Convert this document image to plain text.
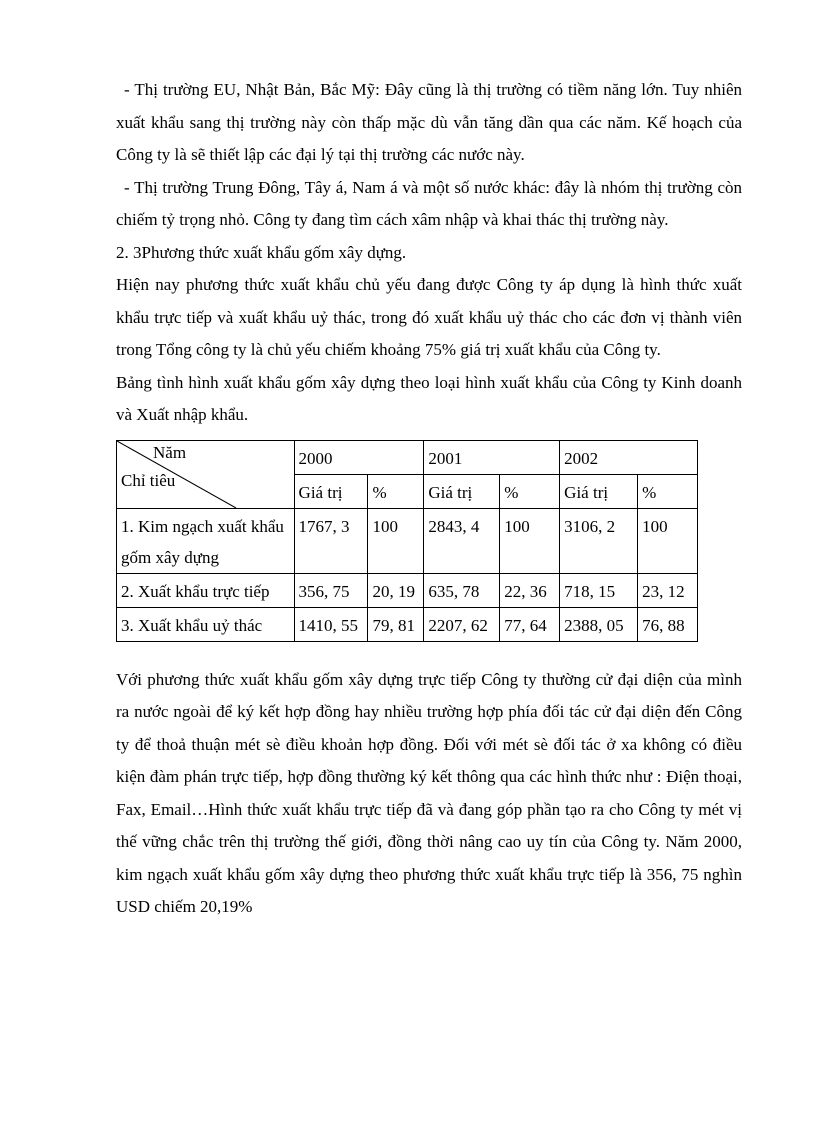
- Thị trường EU, Nhật Bản, Bắc Mỹ: Đây cũng là thị trường có tiềm năng lớn. Tuy nhiên xuất khẩu sang thị trường này còn thấp mặc dù vẫn tăng dần qua các năm. Kế hoạch của Công ty là sẽ thiết lập các đại lý tại thị trường các nước này.

- Thị trường Trung Đông, Tây á, Nam á và một số nước khác: đây là nhóm thị trường còn chiếm tỷ trọng nhỏ. Công ty đang tìm cách xâm nhập và khai thác thị trường này.

2. 3Phương thức xuất khẩu gốm xây dựng.

Hiện nay phương thức xuất khẩu chủ yếu đang được Công ty áp dụng là hình thức xuất khẩu trực tiếp và xuất khẩu uỷ thác, trong đó xuất khẩu uỷ thác cho các đơn vị thành viên trong Tổng công ty là chủ yếu chiếm khoảng 75% giá trị xuất khẩu của Công ty.

Bảng tình hình xuất khẩu gốm xây dựng theo loại hình xuất khẩu của Công ty Kinh doanh và Xuất nhập khẩu.

Năm
Chỉ tiêu	2000		2001		2002	
	Giá trị	%	Giá trị	%	Giá trị	%
1. Kim ngạch xuất khẩu gốm xây dựng	1767, 3	100	2843, 4	100	3106, 2	100
2. Xuất khẩu trực tiếp	356, 75	20, 19	635, 78	22, 36	718, 15	23, 12
3. Xuất khẩu uỷ thác	1410, 55	79, 81	2207, 62	77, 64	2388, 05	76, 88

Với phương thức xuất khẩu gốm xây dựng trực tiếp Công ty thường cử đại diện của mình ra nước ngoài để ký kết hợp đồng hay nhiều trường hợp phía đối tác cử đại diện đến Công ty để thoả thuận mét sè điều khoản hợp đồng. Đối với mét sè đối tác ở xa không có điều kiện đàm phán trực tiếp, hợp đồng thường ký kết thông qua các hình thức như : Điện thoại, Fax, Email…Hình thức xuất khẩu trực tiếp đã và đang góp phần tạo ra cho Công ty mét vị thế vững chắc trên thị trường thế giới, đồng thời nâng cao uy tín của Công ty. Năm 2000, kim ngạch xuất khẩu gốm xây dựng theo phương thức xuất khẩu trực tiếp là 356, 75 nghìn USD chiếm 20,19%
